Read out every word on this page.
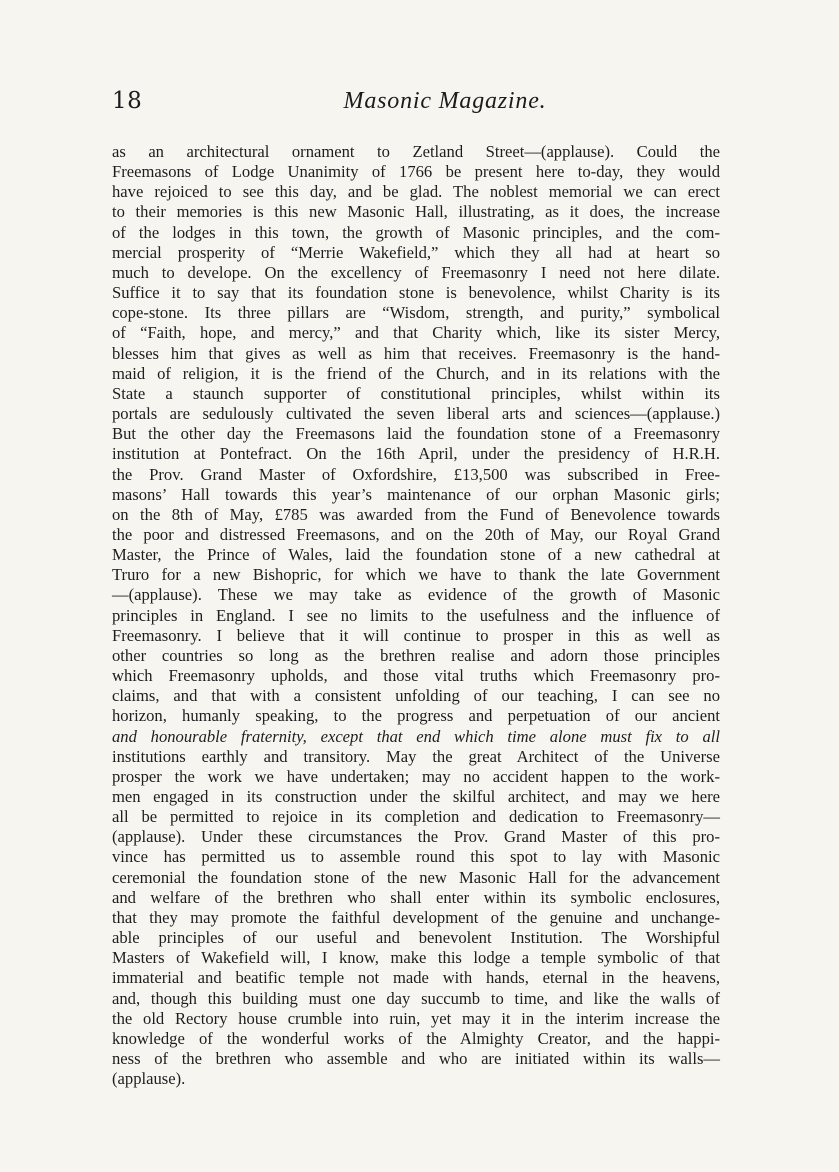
18	Masonic Magazine.
as an architectural ornament to Zetland Street—(applause). Could the
Freemasons of Lodge Unanimity of 1766 be present here to-day, they would
have rejoiced to see this day, and be glad. The noblest memorial we can erect
to their memories is this new Masonic Hall, illustrating, as it does, the increase
of the lodges in this town, the growth of Masonic principles, and the com-
mercial prosperity of “Merrie Wakefield,” which they all had at heart so
much to develope. On the excellency of Freemasonry I need not here dilate.
Suffice it to say that its foundation stone is benevolence, whilst Charity is its
cope-stone. Its three pillars are “Wisdom, strength, and purity,” symbolical
of “Faith, hope, and mercy,” and that Charity which, like its sister Mercy,
blesses him that gives as well as him that receives. Freemasonry is the hand-
maid of religion, it is the friend of the Church, and in its relations with the
State a staunch supporter of constitutional principles, whilst within its
portals are sedulously cultivated the seven liberal arts and sciences—(applause.)
But the other day the Freemasons laid the foundation stone of a Freemasonry
institution at Pontefract. On the 16th April, under the presidency of H.R.H.
the Prov. Grand Master of Oxfordshire, £13,500 was subscribed in Free-
masons’ Hall towards this year’s maintenance of our orphan Masonic girls;
on the 8th of May, £785 was awarded from the Fund of Benevolence towards
the poor and distressed Freemasons, and on the 20th of May, our Royal Grand
Master, the Prince of Wales, laid the foundation stone of a new cathedral at
Truro for a new Bishopric, for which we have to thank the late Government
—(applause). These we may take as evidence of the growth of Masonic
principles in England. I see no limits to the usefulness and the influence of
Freemasonry. I believe that it will continue to prosper in this as well as
other countries so long as the brethren realise and adorn those principles
which Freemasonry upholds, and those vital truths which Freemasonry pro-
claims, and that with a consistent unfolding of our teaching, I can see no
horizon, humanly speaking, to the progress and perpetuation of our ancient
and honourable fraternity, except that end which time alone must fix to all
institutions earthly and transitory. May the great Architect of the Universe
prosper the work we have undertaken; may no accident happen to the work-
men engaged in its construction under the skilful architect, and may we here
all be permitted to rejoice in its completion and dedication to Freemasonry—
(applause). Under these circumstances the Prov. Grand Master of this pro-
vince has permitted us to assemble round this spot to lay with Masonic
ceremonial the foundation stone of the new Masonic Hall for the advancement
and welfare of the brethren who shall enter within its symbolic enclosures,
that they may promote the faithful development of the genuine and unchange-
able principles of our useful and benevolent Institution. The Worshipful
Masters of Wakefield will, I know, make this lodge a temple symbolic of that
immaterial and beatific temple not made with hands, eternal in the heavens,
and, though this building must one day succumb to time, and like the walls of
the old Rectory house crumble into ruin, yet may it in the interim increase the
knowledge of the wonderful works of the Almighty Creator, and the happi-
ness of the brethren who assemble and who are initiated within its walls—
(applause).
